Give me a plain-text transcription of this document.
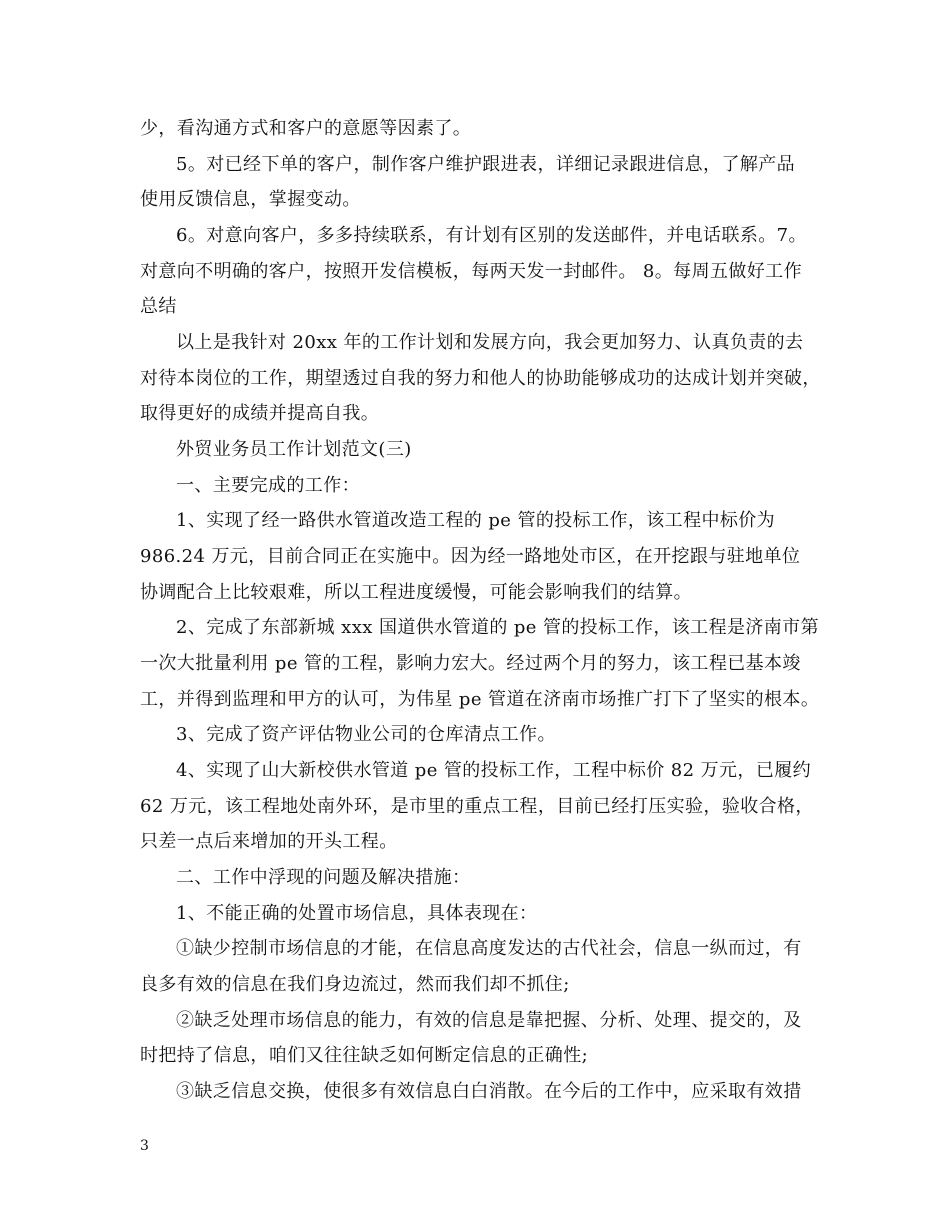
少，看沟通方式和客户的意愿等因素了。
5。对已经下单的客户，制作客户维护跟进表，详细记录跟进信息，了解产品
使用反馈信息，掌握变动。
6。对意向客户，多多持续联系，有计划有区别的发送邮件，并电话联系。7。
对意向不明确的客户，按照开发信模板，每两天发一封邮件。 8。每周五做好工作
总结
以上是我针对 20xx 年的工作计划和发展方向，我会更加努力、认真负责的去
对待本岗位的工作，期望透过自我的努力和他人的协助能够成功的达成计划并突破，
取得更好的成绩并提高自我。
外贸业务员工作计划范文(三)
一、主要完成的工作：
1、实现了经一路供水管道改造工程的 pe 管的投标工作，该工程中标价为
986.24 万元，目前合同正在实施中。因为经一路地处市区，在开挖跟与驻地单位
协调配合上比较艰难，所以工程进度缓慢，可能会影响我们的结算。
2、完成了东部新城 xxx 国道供水管道的 pe 管的投标工作，该工程是济南市第
一次大批量利用 pe 管的工程，影响力宏大。经过两个月的努力，该工程已基本竣
工，并得到监理和甲方的认可，为伟星 pe 管道在济南市场推广打下了坚实的根本。
3、完成了资产评估物业公司的仓库清点工作。
4、实现了山大新校供水管道 pe 管的投标工作，工程中标价 82 万元，已履约
62 万元，该工程地处南外环，是市里的重点工程，目前已经打压实验，验收合格，
只差一点后来增加的开头工程。
二、工作中浮现的问题及解决措施：
1、不能正确的处置市场信息，具体表现在：
①缺少控制市场信息的才能，在信息高度发达的古代社会，信息一纵而过，有
良多有效的信息在我们身边流过，然而我们却不抓住;
②缺乏处理市场信息的能力，有效的信息是靠把握、分析、处理、提交的，及
时把持了信息，咱们又往往缺乏如何断定信息的正确性;
③缺乏信息交换，使很多有效信息白白消散。在今后的工作中，应采取有效措
3
